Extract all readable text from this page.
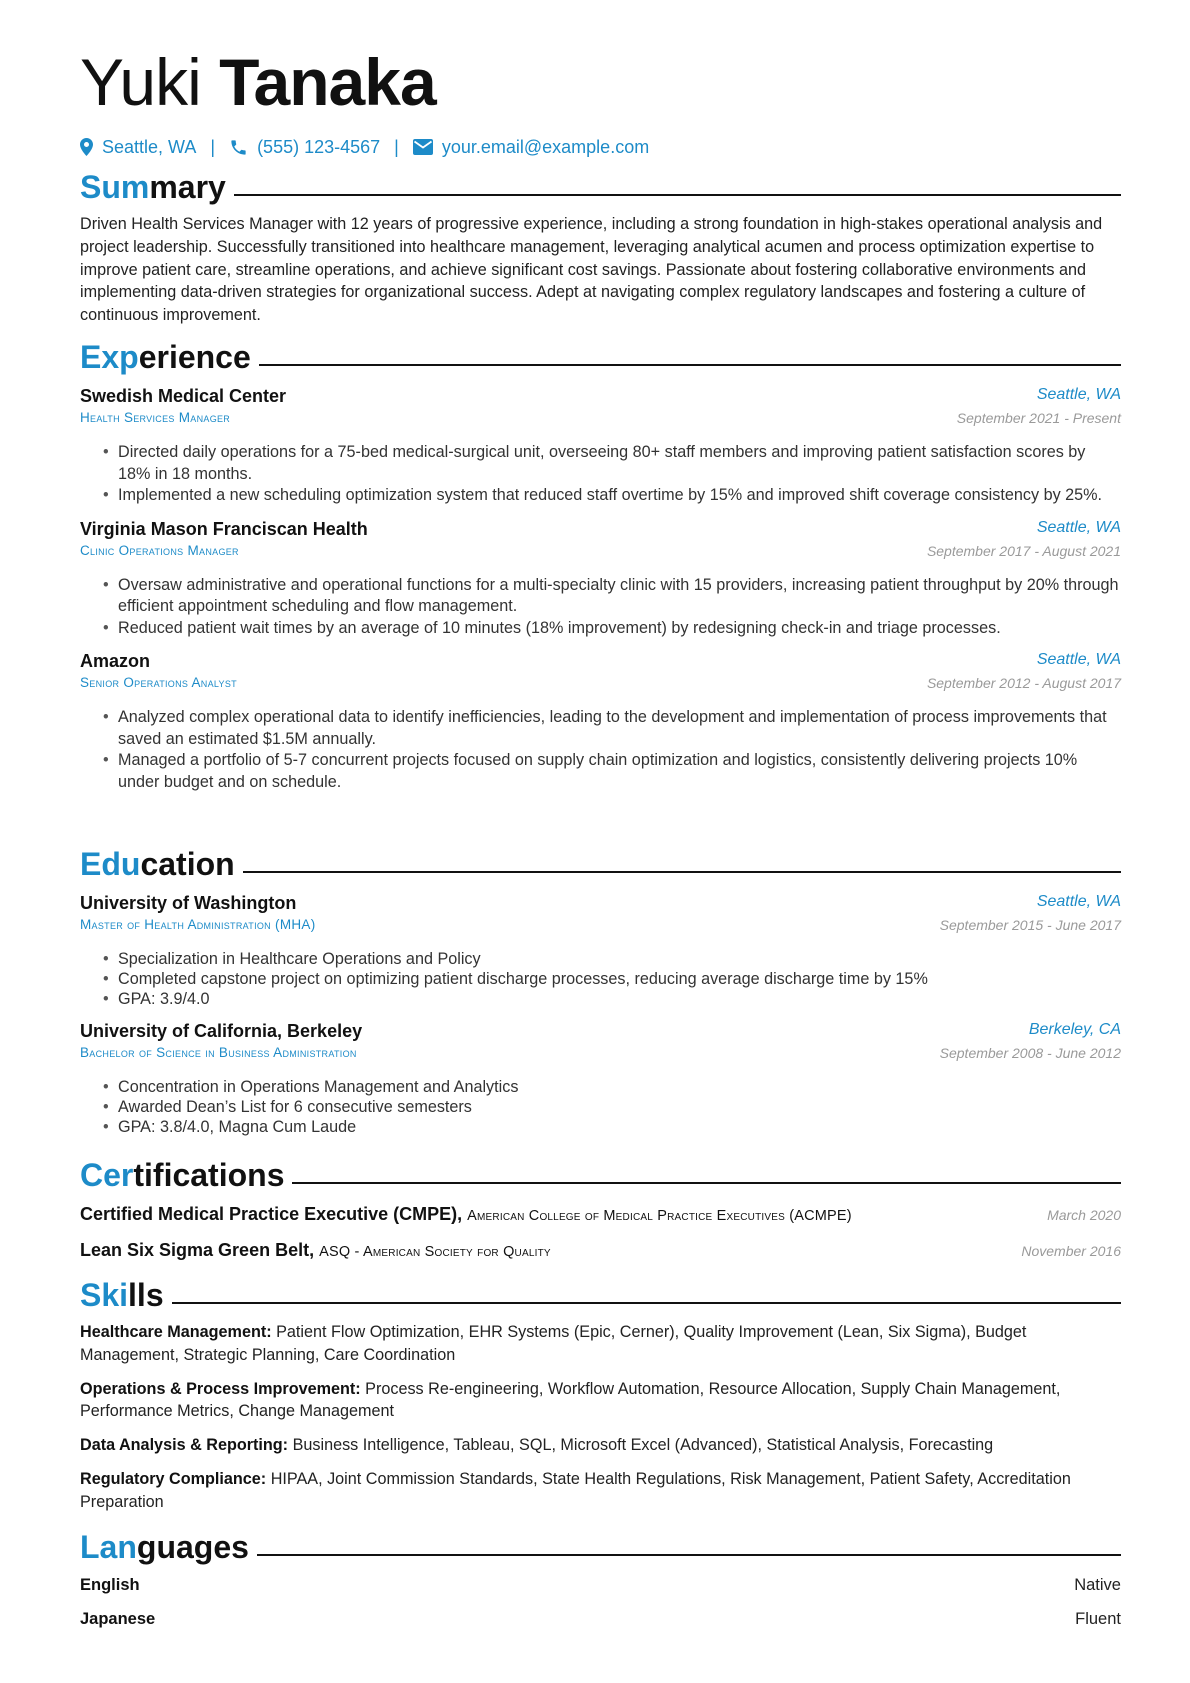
Yuki Tanaka
Seattle, WA | (555) 123-4567 | your.email@example.com
Summary

Driven Health Services Manager with 12 years of progressive experience, including a strong foundation in high-stakes operational analysis and project leadership. Successfully transitioned into healthcare management, leveraging analytical acumen and process optimization expertise to improve patient care, streamline operations, and achieve significant cost savings. Passionate about fostering collaborative environments and implementing data-driven strategies for organizational success. Adept at navigating complex regulatory landscapes and fostering a culture of continuous improvement.

Experience
Swedish Medical Center	Seattle, WA
Health Services Manager	September 2021 - Present
• Directed daily operations for a 75-bed medical-surgical unit, overseeing 80+ staff members and improving patient satisfaction scores by 18% in 18 months.
• Implemented a new scheduling optimization system that reduced staff overtime by 15% and improved shift coverage consistency by 25%.
Virginia Mason Franciscan Health	Seattle, WA
Clinic Operations Manager	September 2017 - August 2021
• Oversaw administrative and operational functions for a multi-specialty clinic with 15 providers, increasing patient throughput by 20% through efficient appointment scheduling and flow management.
• Reduced patient wait times by an average of 10 minutes (18% improvement) by redesigning check-in and triage processes.
Amazon	Seattle, WA
Senior Operations Analyst	September 2012 - August 2017
• Analyzed complex operational data to identify inefficiencies, leading to the development and implementation of process improvements that saved an estimated $1.5M annually.
• Managed a portfolio of 5-7 concurrent projects focused on supply chain optimization and logistics, consistently delivering projects 10% under budget and on schedule.
Education
University of Washington	Seattle, WA
Master of Health Administration (MHA)	September 2015 - June 2017
• Specialization in Healthcare Operations and Policy
• Completed capstone project on optimizing patient discharge processes, reducing average discharge time by 15%
• GPA: 3.9/4.0
University of California, Berkeley	Berkeley, CA
Bachelor of Science in Business Administration	September 2008 - June 2012
• Concentration in Operations Management and Analytics
• Awarded Dean’s List for 6 consecutive semesters
• GPA: 3.8/4.0, Magna Cum Laude
Certifications
Certified Medical Practice Executive (CMPE), American College of Medical Practice Executives (ACMPE)	March 2020
Lean Six Sigma Green Belt, ASQ - American Society for Quality	November 2016
Skills
Healthcare Management: Patient Flow Optimization, EHR Systems (Epic, Cerner), Quality Improvement (Lean, Six Sigma), Budget Management, Strategic Planning, Care Coordination
Operations & Process Improvement: Process Re-engineering, Workflow Automation, Resource Allocation, Supply Chain Management, Performance Metrics, Change Management
Data Analysis & Reporting: Business Intelligence, Tableau, SQL, Microsoft Excel (Advanced), Statistical Analysis, Forecasting
Regulatory Compliance: HIPAA, Joint Commission Standards, State Health Regulations, Risk Management, Patient Safety, Accreditation Preparation
Languages
English	Native
Japanese	Fluent
